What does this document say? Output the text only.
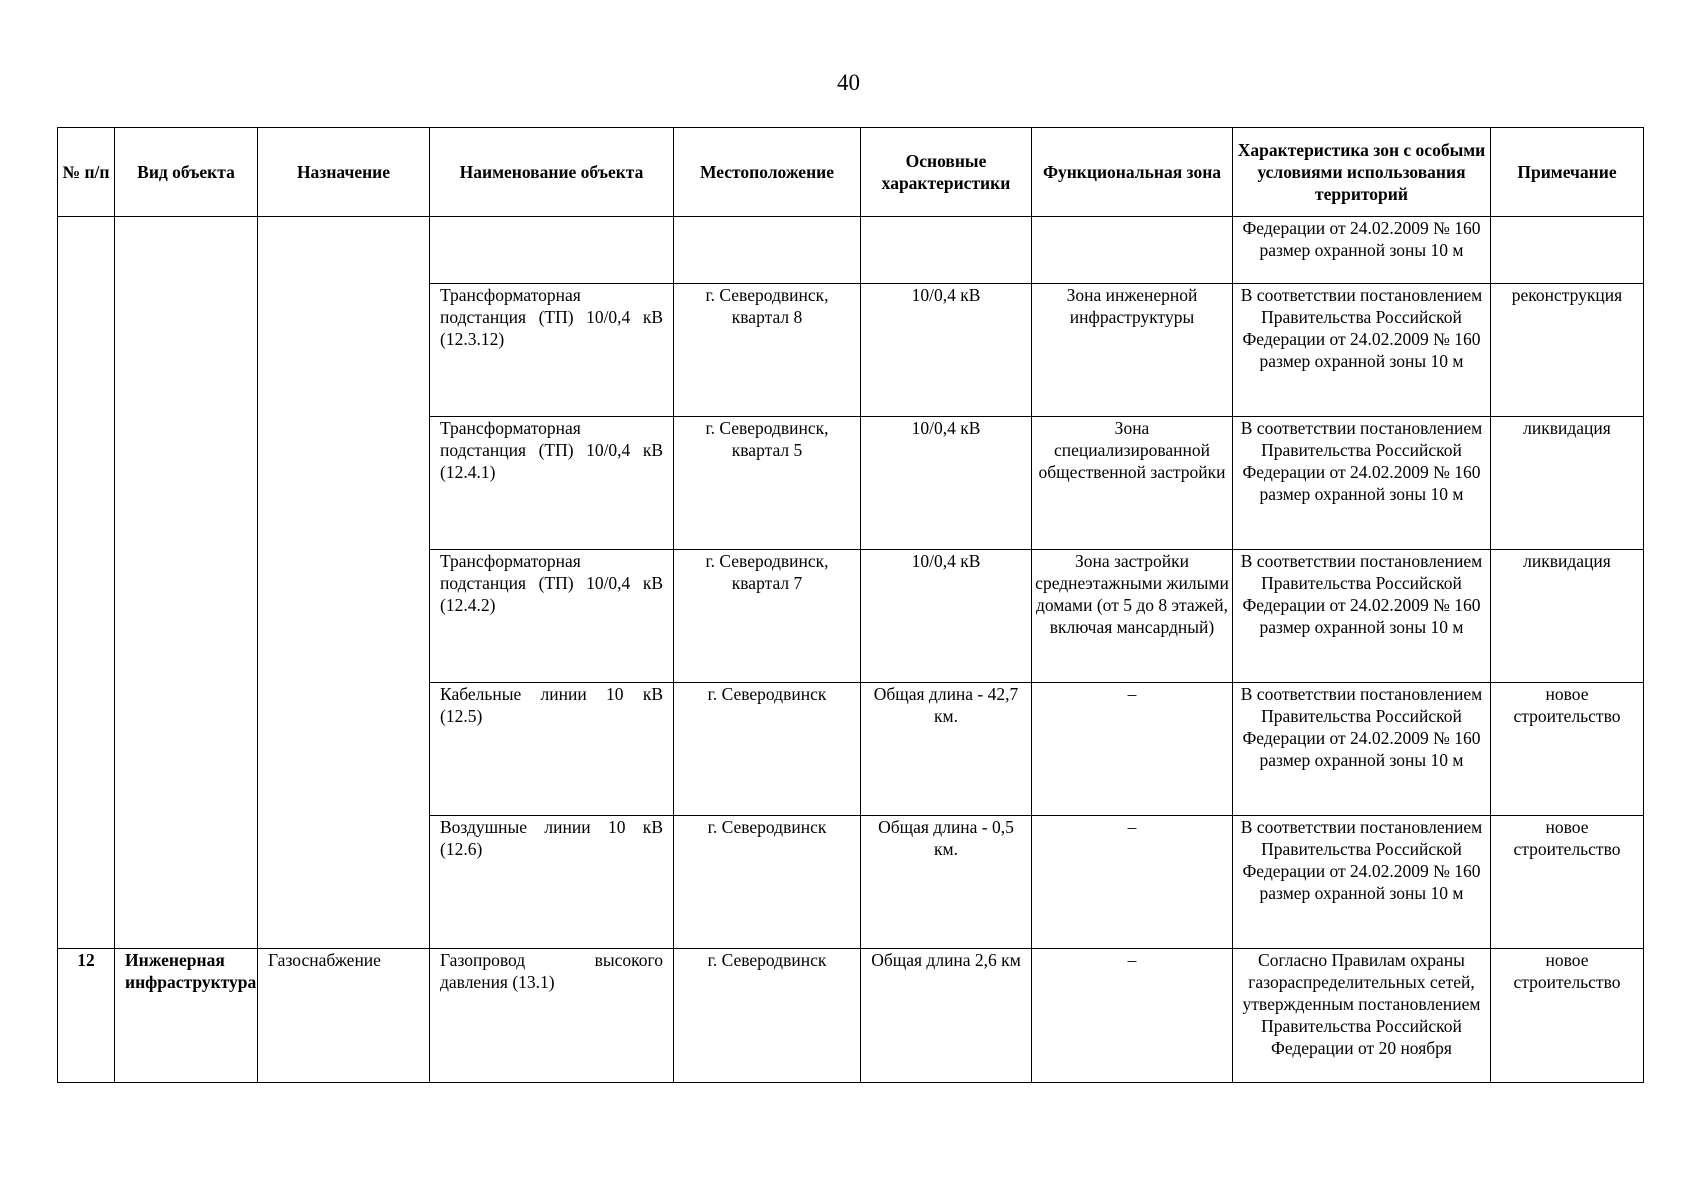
40
№ п/п	Вид объекта	Назначение	Наименование объекта	Местоположение	Основные характеристики	Функциональная зона	Характеристика зон с особыми условиями использования территорий	Примечание
							Федерации от 24.02.2009 № 160 размер охранной зоны 10 м	
			Трансформаторная подстанция (ТП) 10/0,4 кВ (12.3.12)	г. Северодвинск, квартал 8	10/0,4 кВ	Зона инженерной инфраструктуры	В соответствии постановлением Правительства Российской Федерации от 24.02.2009 № 160 размер охранной зоны 10 м	реконструкция
			Трансформаторная подстанция (ТП) 10/0,4 кВ (12.4.1)	г. Северодвинск, квартал 5	10/0,4 кВ	Зона специализированной общественной застройки	В соответствии постановлением Правительства Российской Федерации от 24.02.2009 № 160 размер охранной зоны 10 м	ликвидация
			Трансформаторная подстанция (ТП) 10/0,4 кВ (12.4.2)	г. Северодвинск, квартал 7	10/0,4 кВ	Зона застройки среднеэтажными жилыми домами (от 5 до 8 этажей, включая мансардный)	В соответствии постановлением Правительства Российской Федерации от 24.02.2009 № 160 размер охранной зоны 10 м	ликвидация
			Кабельные линии 10 кВ (12.5)	г. Северодвинск	Общая длина - 42,7 км.	–	В соответствии постановлением Правительства Российской Федерации от 24.02.2009 № 160 размер охранной зоны 10 м	новое строительство
			Воздушные линии 10 кВ (12.6)	г. Северодвинск	Общая длина - 0,5 км.	–	В соответствии постановлением Правительства Российской Федерации от 24.02.2009 № 160 размер охранной зоны 10 м	новое строительство
12	Инженерная инфраструктура	Газоснабжение	Газопровод высокого давления (13.1)	г. Северодвинск	Общая длина 2,6 км	–	Согласно Правилам охраны газораспределительных сетей, утвержденным постановлением Правительства Российской Федерации от 20 ноября	новое строительство
